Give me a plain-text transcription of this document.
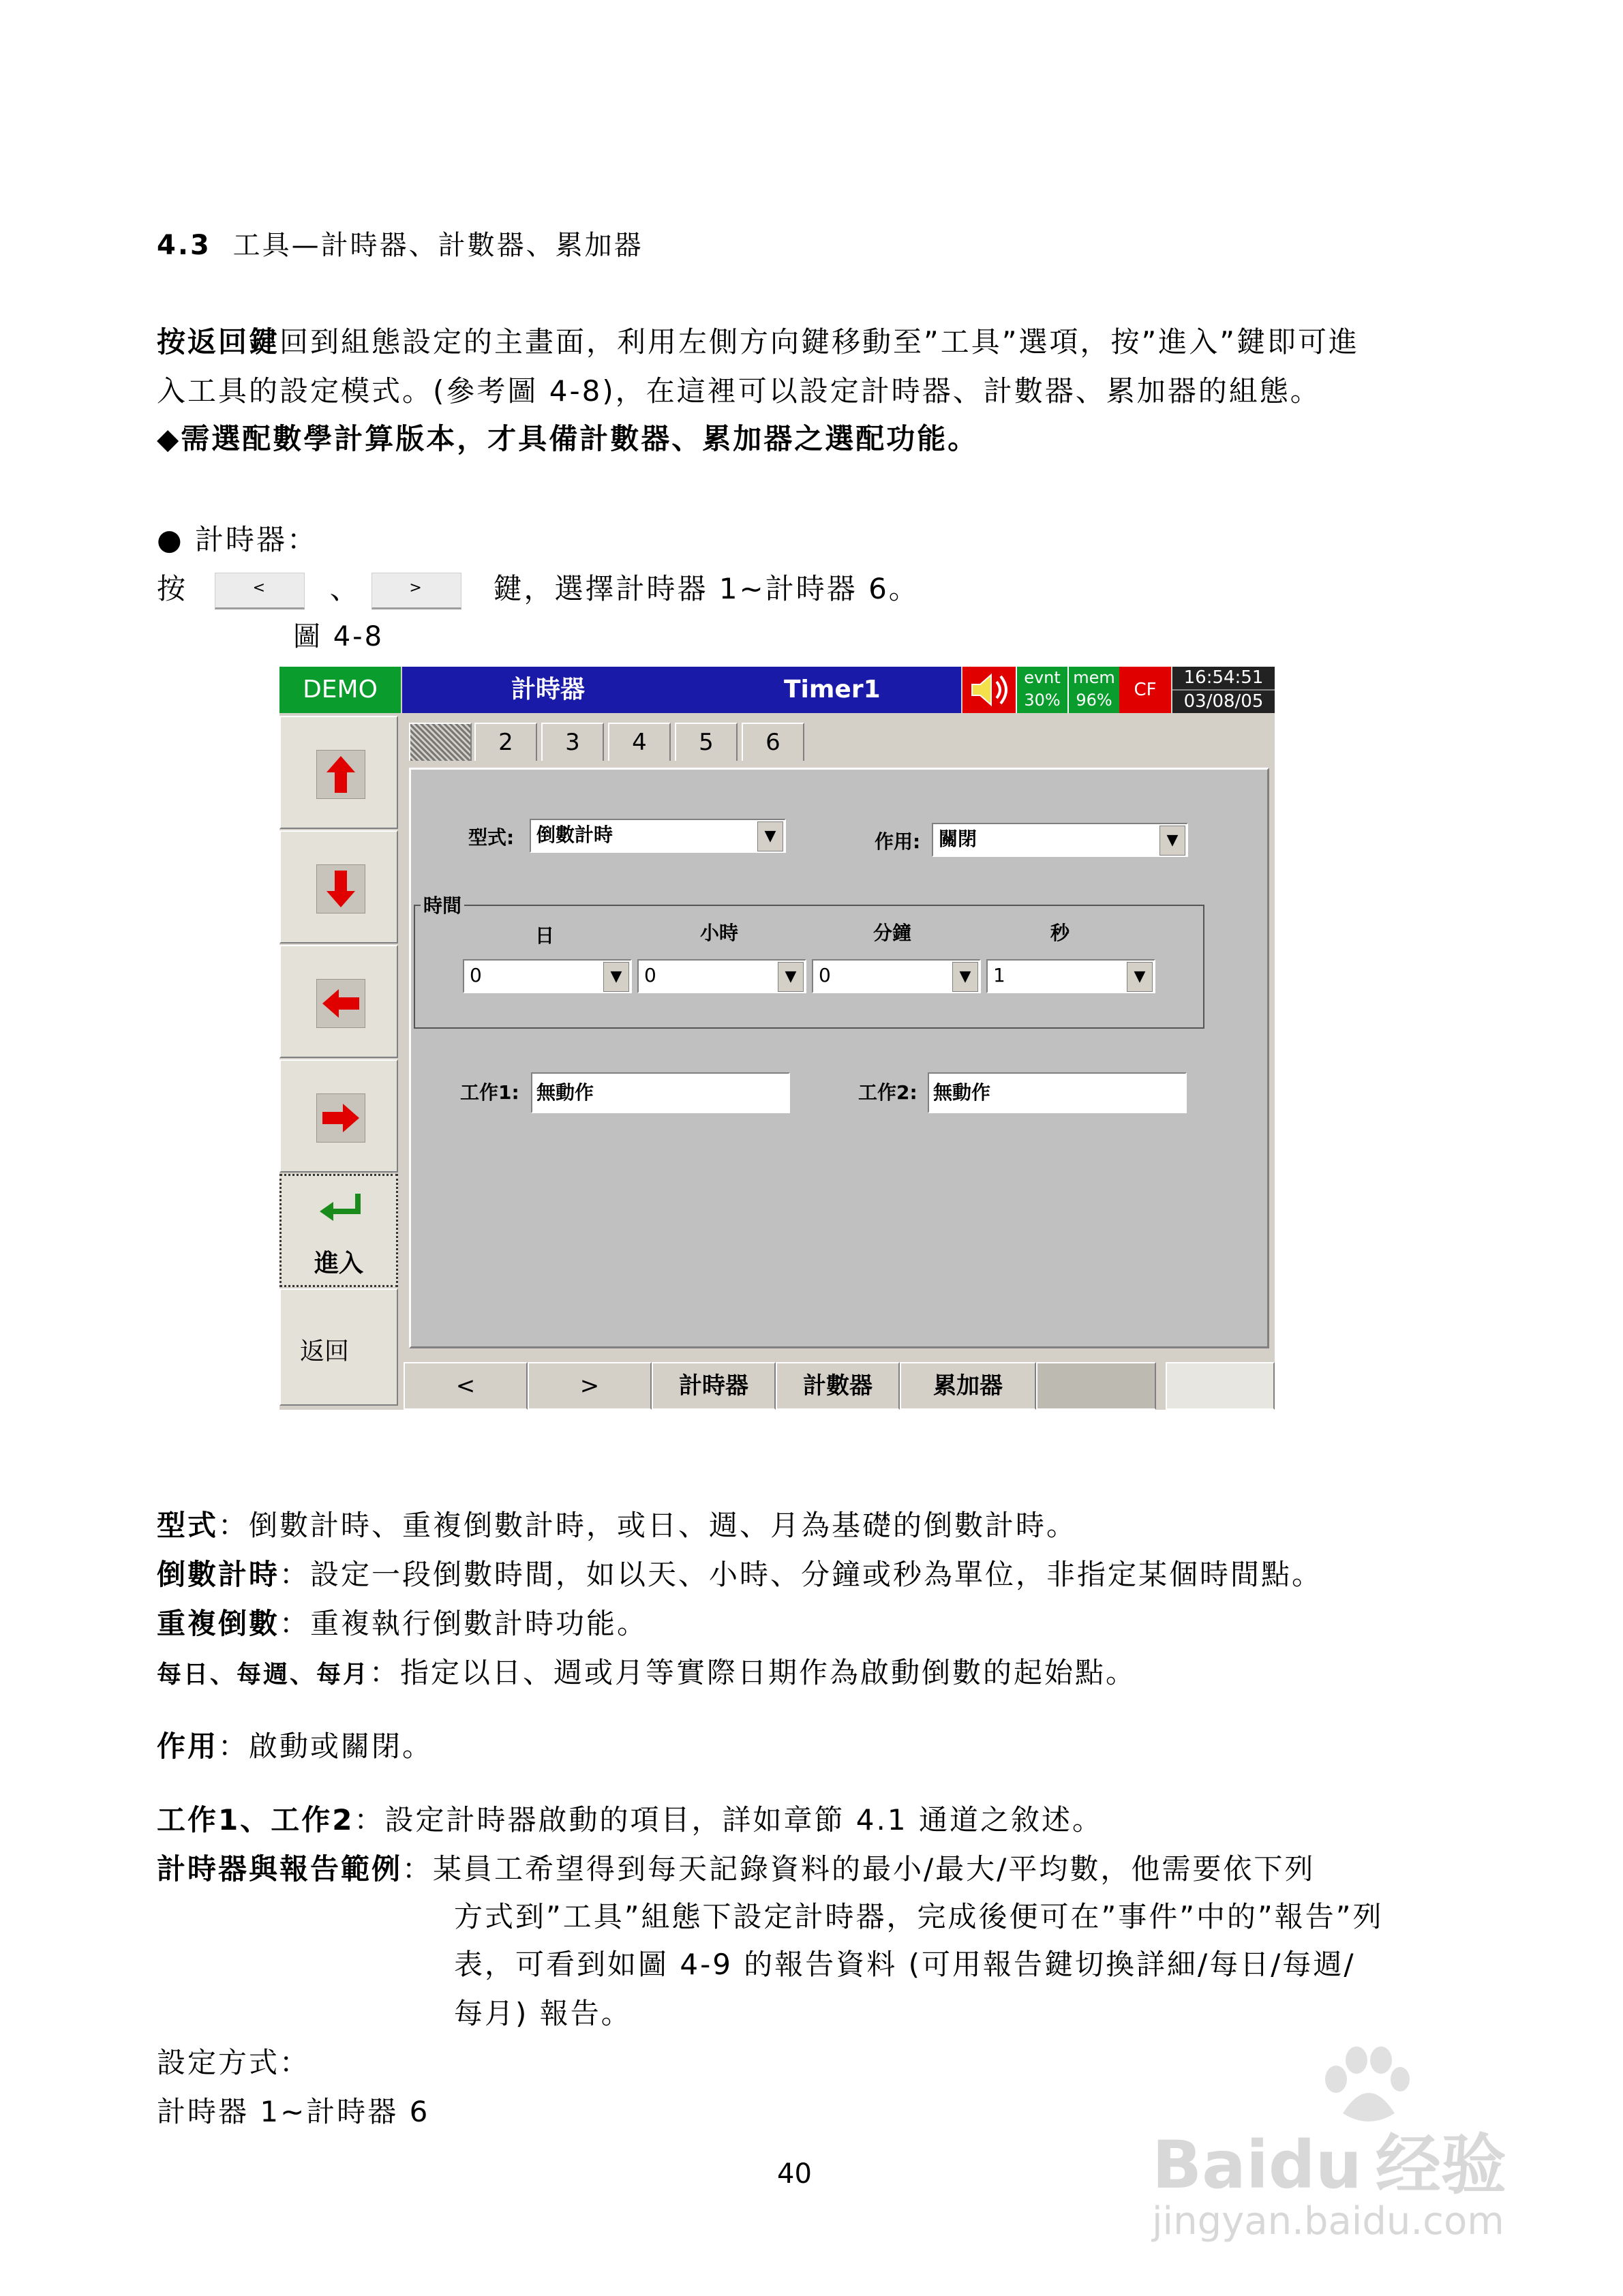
4.3 工具—計時器、計數器、累加器
按返回鍵回到組態設定的主畫面，利用左側方向鍵移動至”工具”選項，按”進入”鍵即可進
入工具的設定模式。(參考圖 4-8)，在這裡可以設定計時器、計數器、累加器的組態。
◆需選配數學計算版本，才具備計數器、累加器之選配功能。
● 計時器：
按	< 、	> 鍵，選擇計時器 1~計時器 6。
圖 4-8
DEMO	計時器	Timer1	evnt
30%
mem
96%	CF
16:54:51
03/08/05
進入
返回
2	3	4	5	6
型式:	倒數計時	▼	作用: 關閉	▼
時間
日	小時	分鐘	秒
0	▼	0	▼	0	▼	1	▼
工作1: 無動作	工作2: 無動作
<	>	計時器	計數器	累加器
型式：倒數計時、重複倒數計時，或日、週、月為基礎的倒數計時。
倒數計時：設定一段倒數時間，如以天、小時、分鐘或秒為單位，非指定某個時間點。
重複倒數：重複執行倒數計時功能。
每日、每週、每月：指定以日、週或月等實際日期作為啟動倒數的起始點。
作用：啟動或關閉。
工作1、工作2：設定計時器啟動的項目，詳如章節 4.1 通道之敘述。
計時器與報告範例：某員工希望得到每天記錄資料的最小/最大/平均數，他需要依下列
方式到”工具”組態下設定計時器，完成後便可在”事件”中的”報告”列
表，可看到如圖 4-9 的報告資料 (可用報告鍵切換詳細/每日/每週/
每月) 報告。
設定方式：
計時器 1~計時器 6
40	Baidu 经验
jingyan.baidu.com
